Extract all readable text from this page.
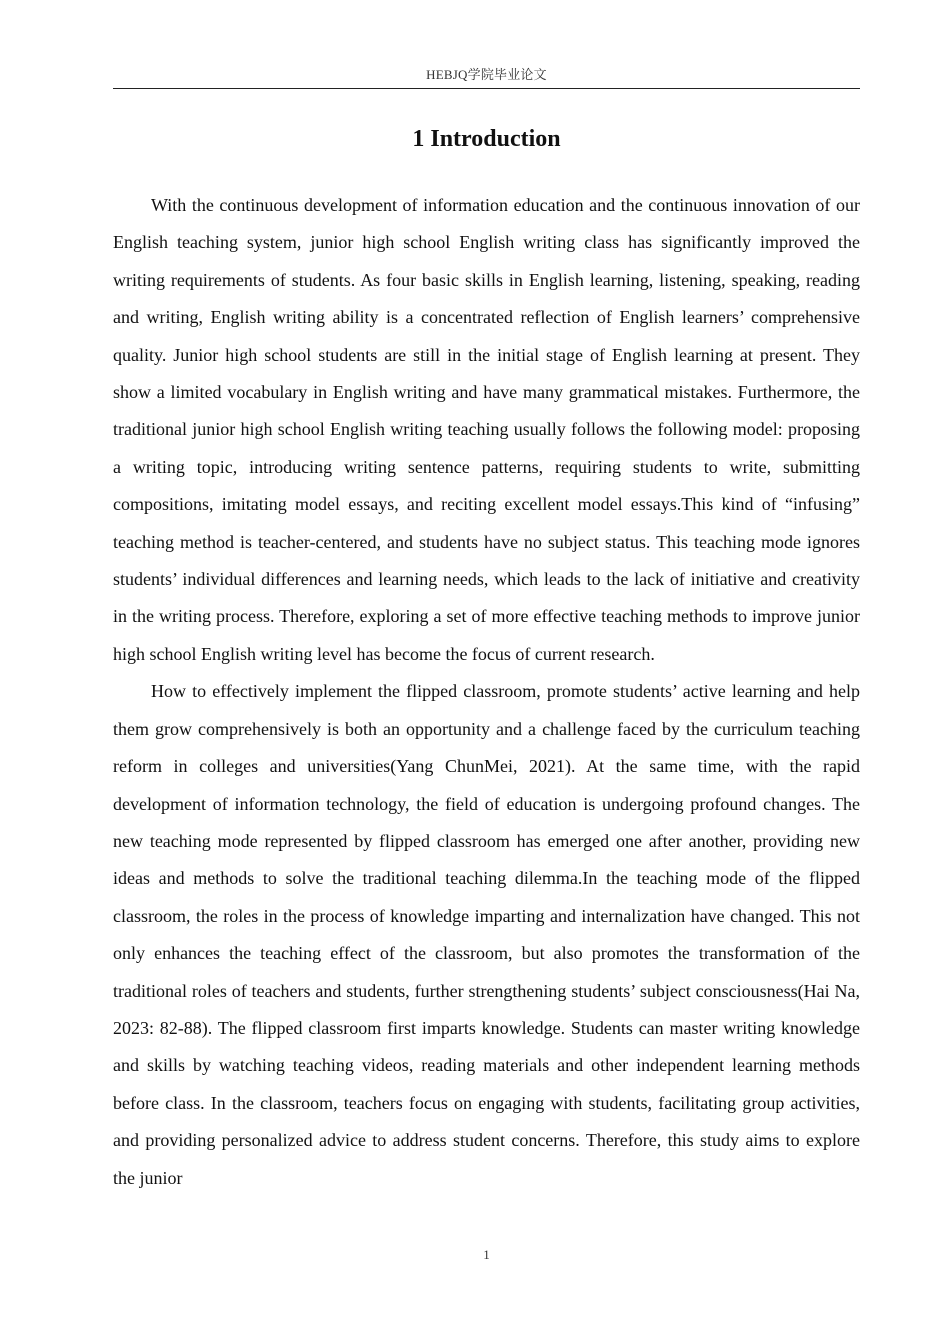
HEBJQ学院毕业论文
1 Introduction

With the continuous development of information education and the continuous innovation of our English teaching system, junior high school English writing class has significantly improved the writing requirements of students. As four basic skills in English learning, listening, speaking, reading and writing, English writing ability is a concentrated reflection of English learners’ comprehensive quality. Junior high school students are still in the initial stage of English learning at present. They show a limited vocabulary in English writing and have many grammatical mistakes. Furthermore, the traditional junior high school English writing teaching usually follows the following model: proposing a writing topic, introducing writing sentence patterns, requiring students to write, submitting compositions, imitating model essays, and reciting excellent model essays.This kind of “infusing” teaching method is teacher-centered, and students have no subject status. This teaching mode ignores students’ individual differences and learning needs, which leads to the lack of initiative and creativity in the writing process. Therefore, exploring a set of more effective teaching methods to improve junior high school English writing level has become the focus of current research.

How to effectively implement the flipped classroom, promote students’ active learning and help them grow comprehensively is both an opportunity and a challenge faced by the curriculum teaching reform in colleges and universities(Yang ChunMei, 2021). At the same time, with the rapid development of information technology, the field of education is undergoing profound changes. The new teaching mode represented by flipped classroom has emerged one after another, providing new ideas and methods to solve the traditional teaching dilemma.In the teaching mode of the flipped classroom, the roles in the process of knowledge imparting and internalization have changed. This not only enhances the teaching effect of the classroom, but also promotes the transformation of the traditional roles of teachers and students, further strengthening students’ subject consciousness(Hai Na, 2023: 82-88). The flipped classroom first imparts knowledge. Students can master writing knowledge and skills by watching teaching videos, reading materials and other independent learning methods before class. In the classroom, teachers focus on engaging with students, facilitating group activities, and providing personalized advice to address student concerns. Therefore, this study aims to explore the junior

1
